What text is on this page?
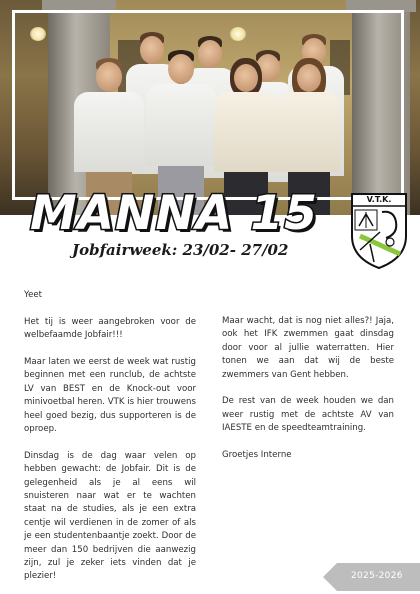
MANNA 15
Jobfairweek: 23/02- 27/02
V.T.K.

Yeet

Het tij is weer aangebroken voor de welbefaamde Jobfair!!!

Maar laten we eerst de week wat rustig beginnen met een runclub, de achtste LV van BEST en de Knock-out voor minivoetbal heren. VTK is hier trouwens heel goed bezig, dus supporteren is de oproep.

Dinsdag is de dag waar velen op hebben gewacht: de Jobfair. Dit is de gelegenheid als je al eens wil snuisteren naar wat er te wachten staat na de studies, als je een extra centje wil verdienen in de zomer of als je een studentenbaantje zoekt. Door de meer dan 150 bedrijven die aanwezig zijn, zul je zeker iets vinden dat je plezier!

Maar wacht, dat is nog niet alles?! Jaja, ook het IFK zwemmen gaat dinsdag door voor al jullie waterratten. Hier tonen we aan dat wij de beste zwemmers van Gent hebben.

De rest van de week houden we dan weer rustig met de achtste AV van IAESTE en de speedteamtraining.

Groetjes Interne

2025-2026
